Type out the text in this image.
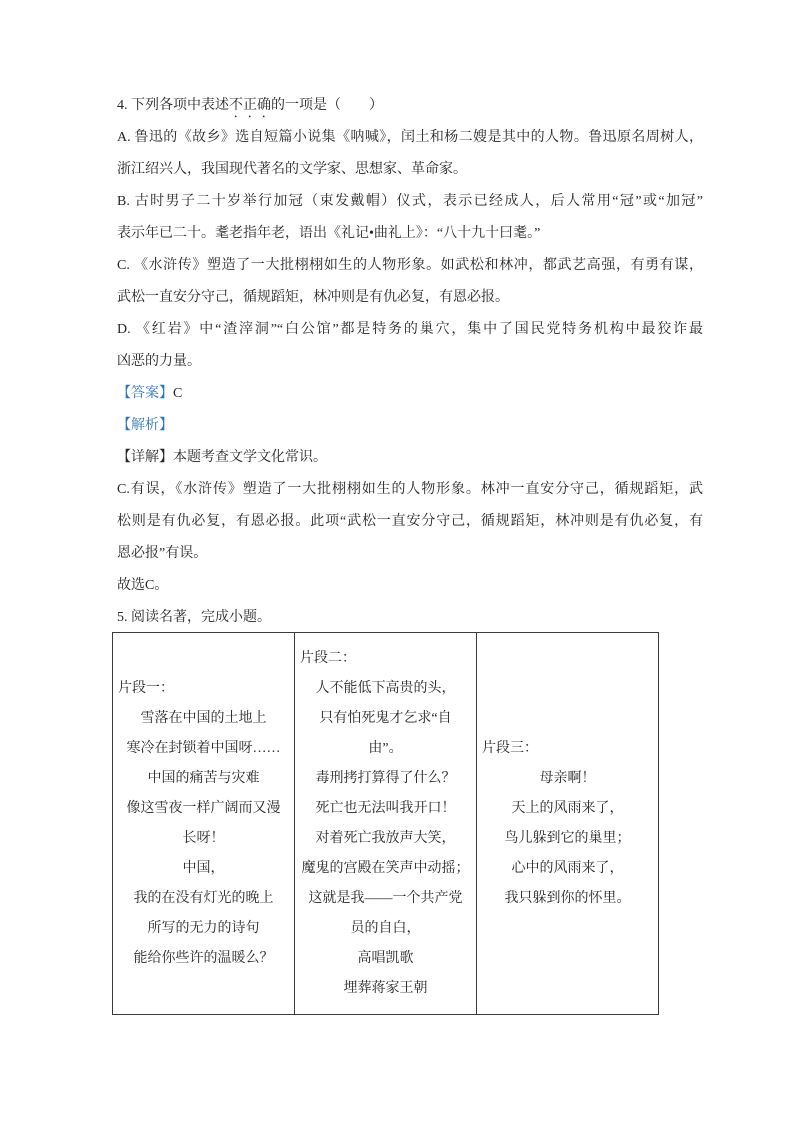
4. 下列各项中表述不正确的一项是（　　）
A. 鲁迅的《故乡》选自短篇小说集《呐喊》，闰土和杨二嫂是其中的人物。鲁迅原名周树人，
浙江绍兴人，我国现代著名的文学家、思想家、革命家。
B. 古时男子二十岁举行加冠（束发戴帽）仪式，表示已经成人，后人常用“冠”或“加冠”
表示年已二十。耄老指年老，语出《礼记•曲礼上》：“八十九十曰耄。”
C. 《水浒传》塑造了一大批栩栩如生的人物形象。如武松和林冲，都武艺高强，有勇有谋，
武松一直安分守己，循规蹈矩，林冲则是有仇必复，有恩必报。
D. 《红岩》中“渣滓洞”“白公馆”都是特务的巢穴，集中了国民党特务机构中最狡诈最
凶恶的力量。
【答案】C
【解析】
【详解】本题考查文学文化常识。
C.有误，《水浒传》塑造了一大批栩栩如生的人物形象。林冲一直安分守己，循规蹈矩，武
松则是有仇必复，有恩必报。此项“武松一直安分守己，循规蹈矩，林冲则是有仇必复，有
恩必报”有误。
故选C。
5. 阅读名著，完成小题。
片段一：
雪落在中国的土地上
寒冷在封锁着中国呀……
中国的痛苦与灾难
像这雪夜一样广阔而又漫
长呀！
中国，
我的在没有灯光的晚上
所写的无力的诗句
能给你些许的温暖么？

片段二：
人不能低下高贵的头，
只有怕死鬼才乞求“自
由”。
毒刑拷打算得了什么？
死亡也无法叫我开口！
对着死亡我放声大笑，
魔鬼的宫殿在笑声中动摇；
这就是我——一个共产党
员的自白，
高唱凯歌
埋葬蒋家王朝

片段三：
母亲啊！
天上的风雨来了，
鸟儿躲到它的巢里；
心中的风雨来了，
我只躲到你的怀里。
